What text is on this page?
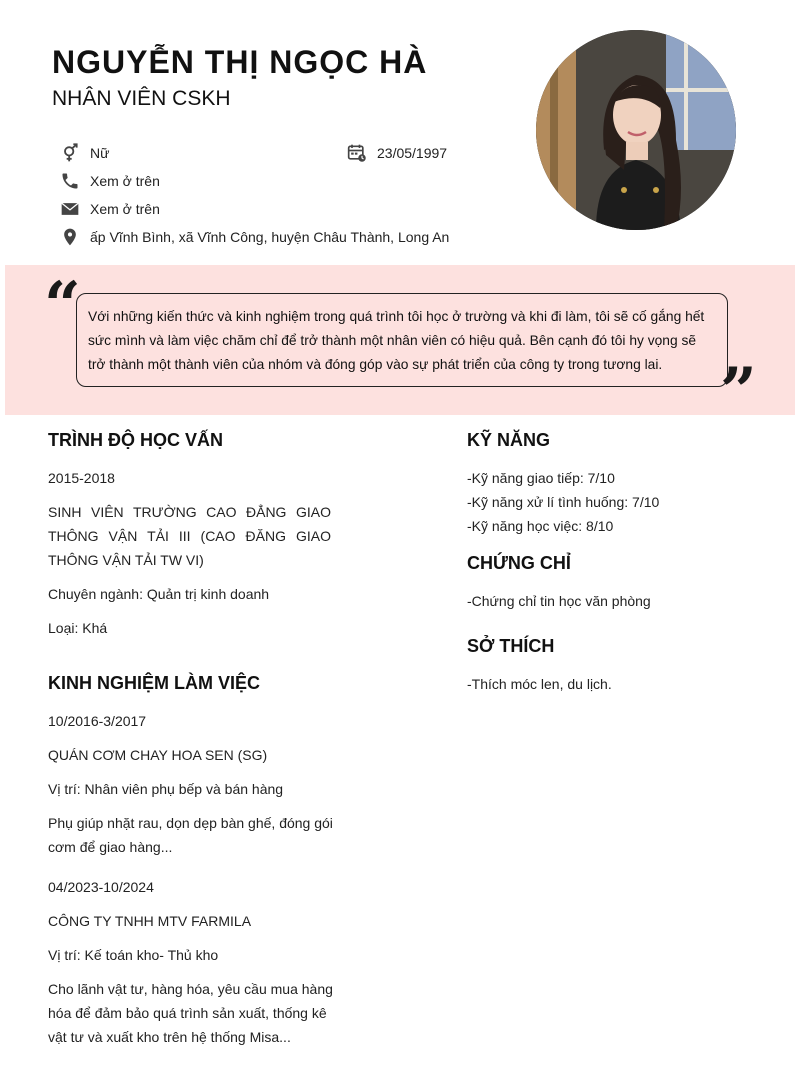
NGUYỄN THỊ NGỌC HÀ
NHÂN VIÊN CSKH
Nữ	23/05/1997
Xem ở trên
Xem ở trên
ấp Vĩnh Bình, xã Vĩnh Công, huyện Châu Thành, Long An
Với những kiến thức và kinh nghiệm trong quá trình tôi học ở trường và khi đi làm, tôi sẽ cố gắng hết sức mình và làm việc chăm chỉ để trở thành một nhân viên có hiệu quả. Bên cạnh đó tôi hy vọng sẽ trở thành một thành viên của nhóm và đóng góp vào sự phát triển của công ty trong tương lai.
“
”
TRÌNH ĐỘ HỌC VẤN
2015-2018
SINH VIÊN TRƯỜNG CAO ĐẲNG GIAO THÔNG VẬN TẢI III (CAO ĐĂNG GIAO THÔNG VẬN TẢI TW VI)
Chuyên ngành: Quản trị kinh doanh
Loại: Khá
KINH NGHIỆM LÀM VIỆC
10/2016-3/2017
QUÁN CƠM CHAY HOA SEN (SG)
Vị trí: Nhân viên phụ bếp và bán hàng
Phụ giúp nhặt rau, dọn dẹp bàn ghế, đóng gói cơm để giao hàng...
04/2023-10/2024
CÔNG TY TNHH MTV FARMILA
Vị trí: Kế toán kho- Thủ kho
Cho lãnh vật tư, hàng hóa, yêu cầu mua hàng hóa để đảm bảo quá trình sản xuất, thống kê vật tư và xuất kho trên hệ thống Misa...
KỸ NĂNG
-Kỹ năng giao tiếp: 7/10
-Kỹ năng xử lí tình huống: 7/10
-Kỹ năng học việc: 8/10
CHỨNG CHỈ
-Chứng chỉ tin học văn phòng
SỞ THÍCH
-Thích móc len, du lịch.
